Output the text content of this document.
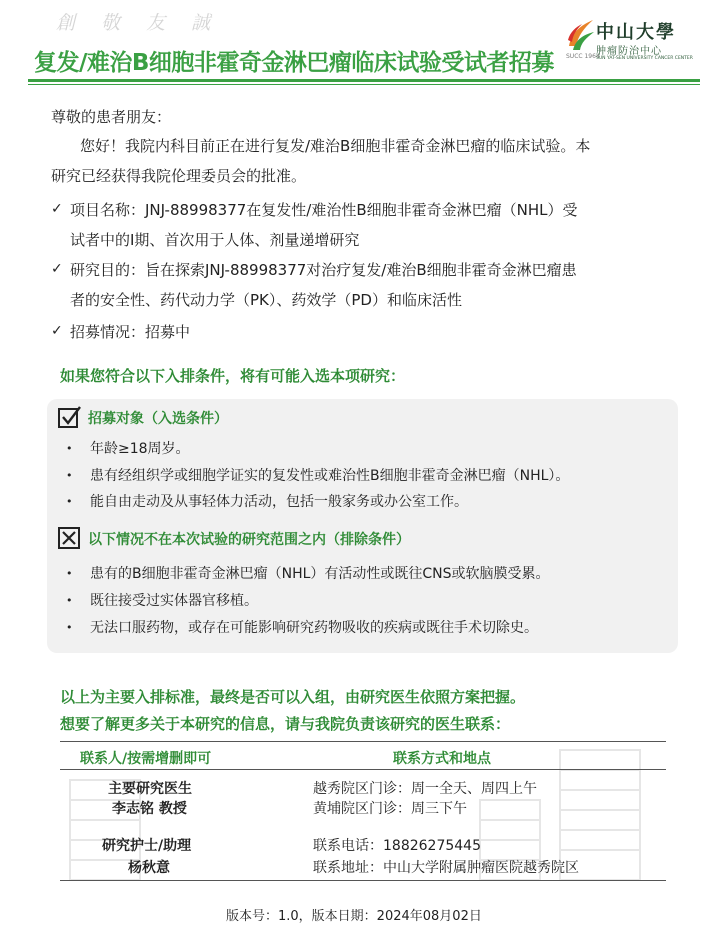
創 敬 友 誠
复发/难治B细胞非霍奇金淋巴瘤临床试验受试者招募 SUCC 1964
中山大學
肿瘤防治中心
SUN YAT-SEN UNIVERSITY CANCER CENTER
尊敬的患者朋友：
您好！我院内科目前正在进行复发/难治B细胞非霍奇金淋巴瘤的临床试验。本
研究已经获得我院伦理委员会的批准。
✓ 项目名称：JNJ-88998377在复发性/难治性B细胞非霍奇金淋巴瘤（NHL）受
试者中的I期、首次用于人体、剂量递增研究
✓ 研究目的：旨在探索JNJ-88998377对治疗复发/难治B细胞非霍奇金淋巴瘤患
者的安全性、药代动力学（PK）、药效学（PD）和临床活性
✓ 招募情况：招募中
如果您符合以下入排条件，将有可能入选本项研究：
招募对象（入选条件）
• 年龄≥18周岁。
• 患有经组织学或细胞学证实的复发性或难治性B细胞非霍奇金淋巴瘤（NHL）。
• 能自由走动及从事轻体力活动，包括一般家务或办公室工作。
以下情况不在本次试验的研究范围之内（排除条件）
• 患有的B细胞非霍奇金淋巴瘤（NHL）有活动性或既往CNS或软脑膜受累。
• 既往接受过实体器官移植。
• 无法口服药物，或存在可能影响研究药物吸收的疾病或既往手术切除史。
以上为主要入排标准，最终是否可以入组，由研究医生依照方案把握。
想要了解更多关于本研究的信息，请与我院负责该研究的医生联系：
联系人/按需增删即可	联系方式和地点
主要研究医生	越秀院区门诊：周一全天、周四上午
李志铭 教授	黄埔院区门诊：周三下午
研究护士/助理	联系电话：18826275445
杨秋意	联系地址：中山大学附属肿瘤医院越秀院区
版本号：1.0，版本日期：2024年08月02日
